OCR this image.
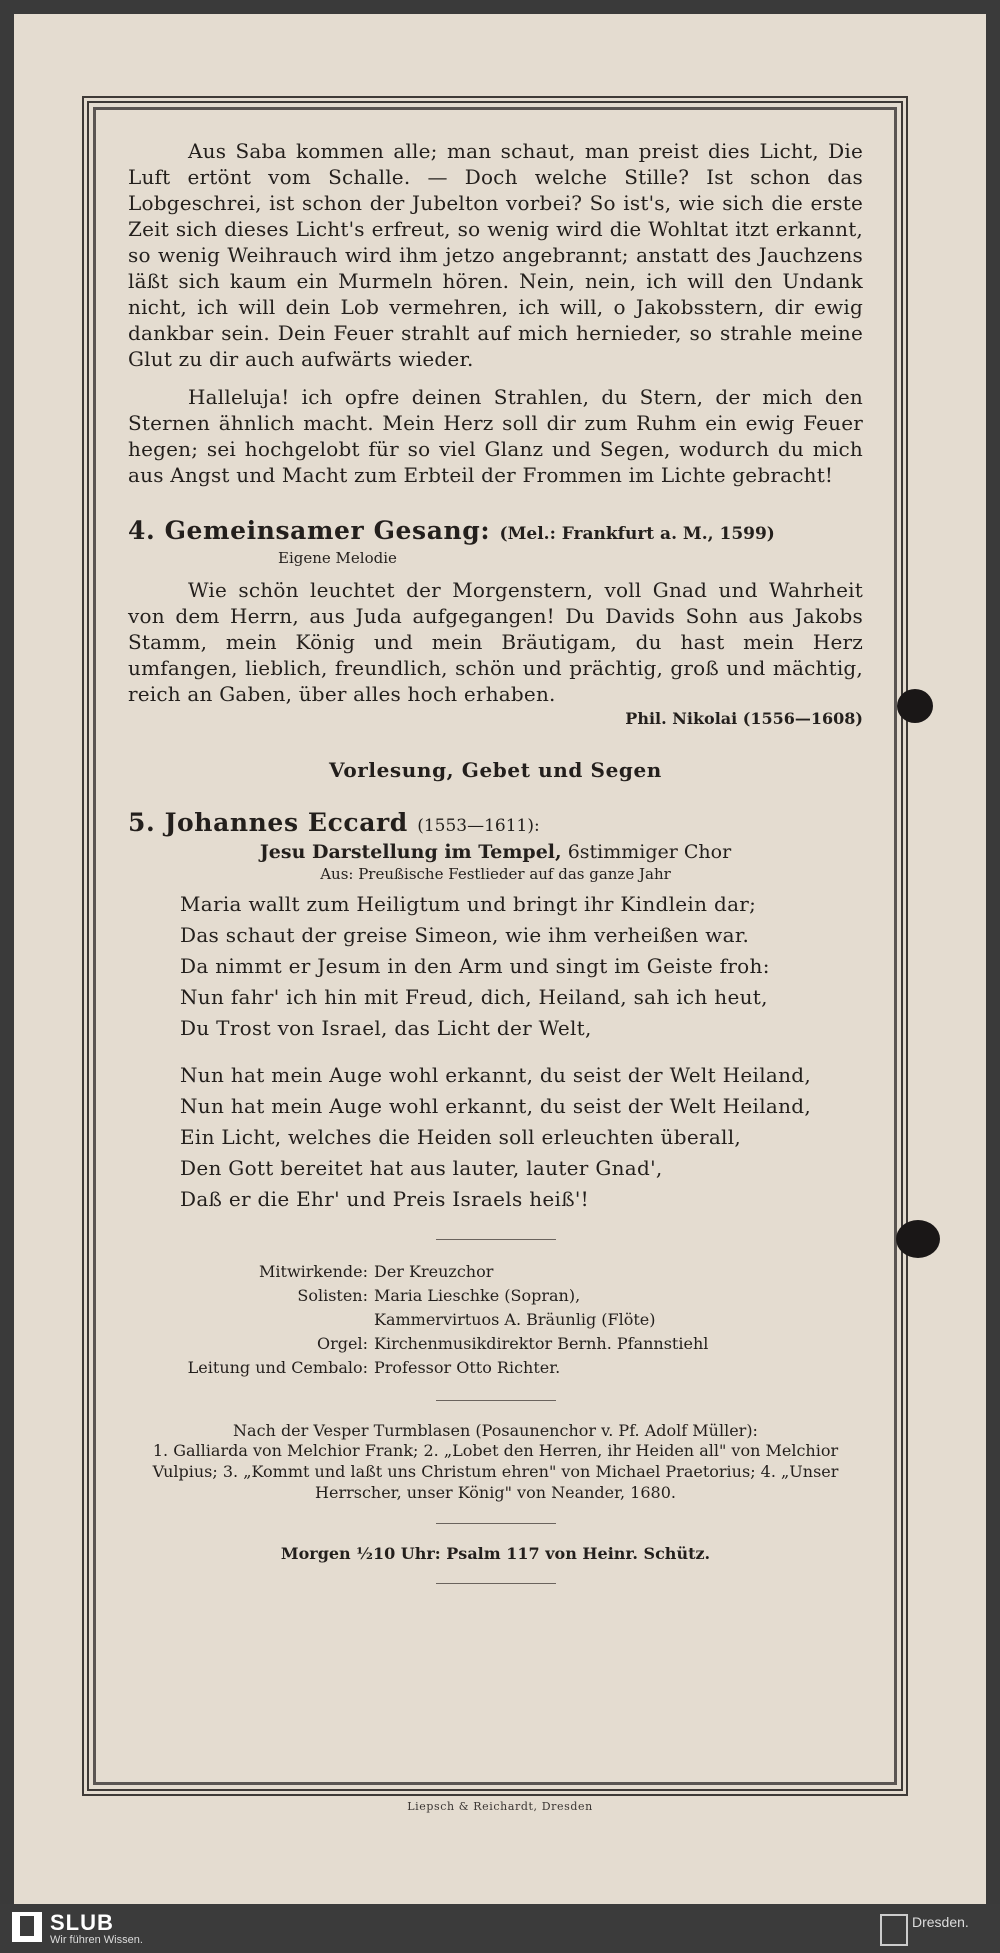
Aus Saba kommen alle; man schaut, man preist dies Licht, Die Luft ertönt vom Schalle. — Doch welche Stille? Ist schon das Lobgeschrei, ist schon der Jubelton vorbei? So ist's, wie sich die erste Zeit sich dieses Licht's erfreut, so wenig wird die Wohltat itzt erkannt, so wenig Weihrauch wird ihm jetzo angebrannt; anstatt des Jauchzens läßt sich kaum ein Murmeln hören. Nein, nein, ich will den Undank nicht, ich will dein Lob vermehren, ich will, o Jakobsstern, dir ewig dankbar sein. Dein Feuer strahlt auf mich hernieder, so strahle meine Glut zu dir auch aufwärts wieder.

Halleluja! ich opfre deinen Strahlen, du Stern, der mich den Sternen ähnlich macht. Mein Herz soll dir zum Ruhm ein ewig Feuer hegen; sei hochgelobt für so viel Glanz und Segen, wodurch du mich aus Angst und Macht zum Erbteil der Frommen im Lichte gebracht!

4. Gemeinsamer Gesang: (Mel.: Frankfurt a. M., 1599)
Eigene Melodie

Wie schön leuchtet der Morgenstern, voll Gnad und Wahrheit von dem Herrn, aus Juda aufgegangen! Du Davids Sohn aus Jakobs Stamm, mein König und mein Bräutigam, du hast mein Herz umfangen, lieblich, freundlich, schön und prächtig, groß und mächtig, reich an Gaben, über alles hoch erhaben.

Phil. Nikolai (1556—1608)
Vorlesung, Gebet und Segen
5. Johannes Eccard (1553—1611):
Jesu Darstellung im Tempel, 6stimmiger Chor
Aus: Preußische Festlieder auf das ganze Jahr
Maria wallt zum Heiligtum und bringt ihr Kindlein dar;
Das schaut der greise Simeon, wie ihm verheißen war.
Da nimmt er Jesum in den Arm und singt im Geiste froh:
Nun fahr' ich hin mit Freud, dich, Heiland, sah ich heut,
Du Trost von Israel, das Licht der Welt,
Nun hat mein Auge wohl erkannt, du seist der Welt Heiland,
Nun hat mein Auge wohl erkannt, du seist der Welt Heiland,
Ein Licht, welches die Heiden soll erleuchten überall,
Den Gott bereitet hat aus lauter, lauter Gnad',
Daß er die Ehr' und Preis Israels heiß'!
Mitwirkende: Der Kreuzchor
Solisten: Maria Lieschke (Sopran),
Kammervirtuos A. Bräunlig (Flöte)
Orgel: Kirchenmusikdirektor Bernh. Pfannstiehl
Leitung und Cembalo: Professor Otto Richter.
Nach der Vesper Turmblasen (Posaunenchor v. Pf. Adolf Müller):
1. Galliarda von Melchior Frank; 2. „Lobet den Herren, ihr Heiden all" von Melchior Vulpius; 3. „Kommt und laßt uns Christum ehren" von Michael Praetorius; 4. „Unser Herrscher, unser König" von Neander, 1680.
Morgen ½10 Uhr: Psalm 117 von Heinr. Schütz.
Liepsch & Reichardt, Dresden
SLUB
Wir führen Wissen.
Dresden.
